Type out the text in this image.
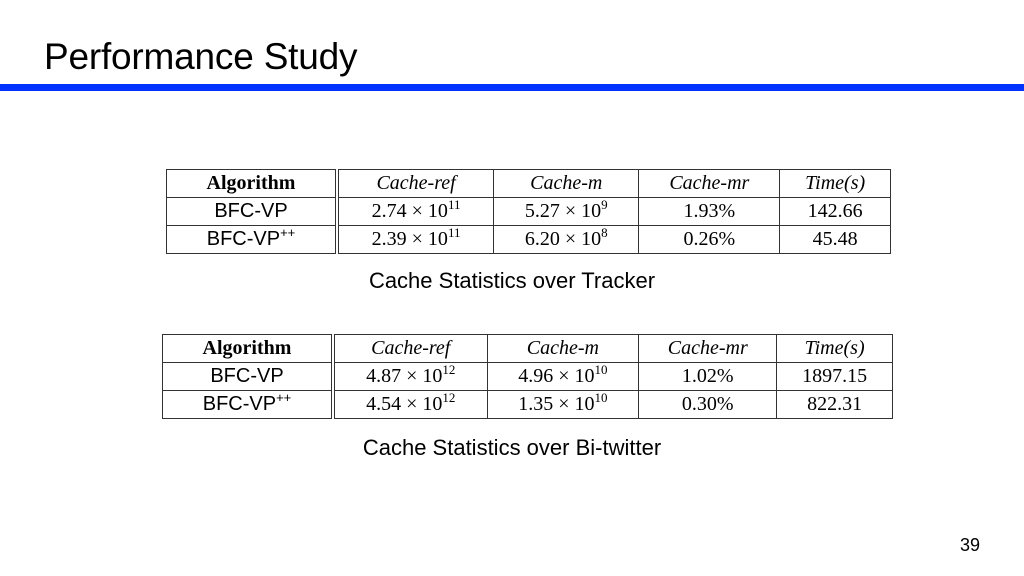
Performance Study
Algorithm	Cache-ref	Cache-m	Cache-mr	Time(s)
BFC-VP	$2.74 \times 10^{11}$	$5.27 \times 10^9$	1.93%	142.66
BFC-VP++	$2.39 \times 10^{11}$	$6.20 \times 10^8$	0.26%	45.48
Cache Statistics over Tracker
Algorithm	Cache-ref	Cache-m	Cache-mr	Time(s)
BFC-VP	$4.87 \times 10^{12}$	$4.96 \times 10^{10}$	1.02%	1897.15
BFC-VP++	$4.54 \times 10^{12}$	$1.35 \times 10^{10}$	0.30%	822.31
Cache Statistics over Bi-twitter
39
